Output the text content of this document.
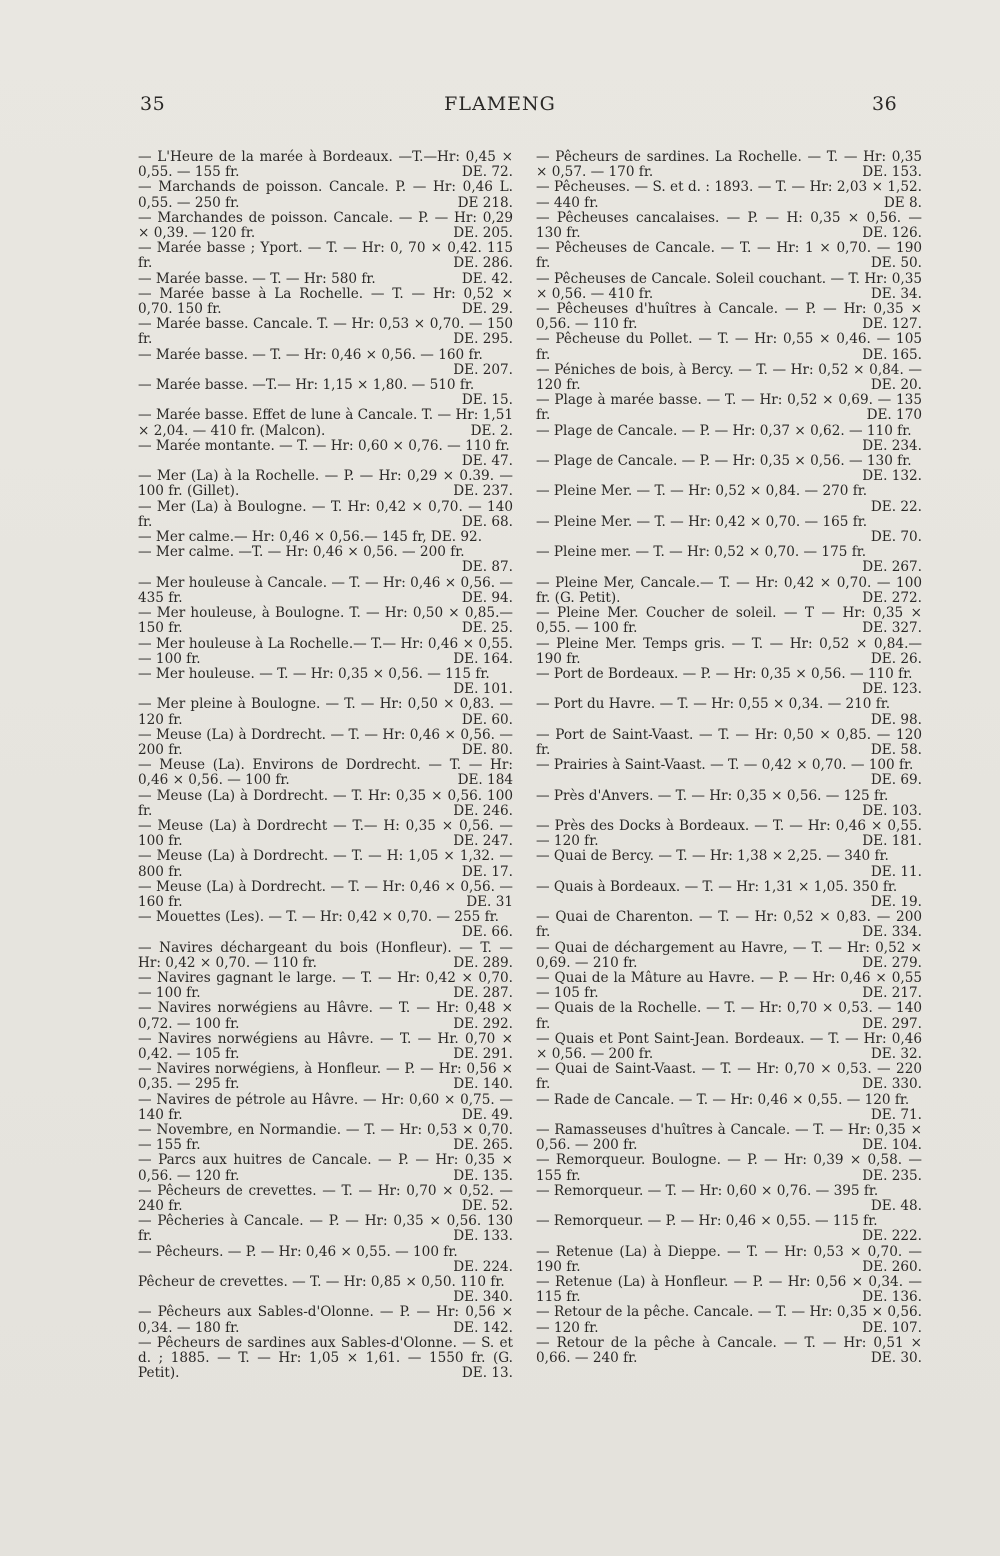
35	FLAMENG	36

— L'Heure de la marée à Bordeaux. —T.—Hr: 0,45 × 0,55. — 155 fr.	DE. 72.

— Marchands de poisson. Cancale. P. — Hr: 0,46 L. 0,55. — 250 fr.	DE 218.

— Marchandes de poisson. Cancale. — P. — Hr: 0,29 × 0,39. — 120 fr.	DE. 205.

— Marée basse ; Yport. — T. — Hr: 0, 70 × 0,42. 115 fr.	DE. 286.

— Marée basse. — T. — Hr: 580 fr.	DE. 42.

— Marée basse à La Rochelle. — T. — Hr: 0,52 × 0,70. 150 fr.	DE. 29.

— Marée basse. Cancale. T. — Hr: 0,53 × 0,70. — 150 fr.	DE. 295.

— Marée basse. — T. — Hr: 0,46 × 0,56. — 160 fr.
DE. 207.

— Marée basse. —T.— Hr: 1,15 × 1,80. — 510 fr.
DE. 15.

— Marée basse. Effet de lune à Cancale. T. — Hr: 1,51 × 2,04. — 410 fr. (Malcon).	DE. 2.

— Marée montante. — T. — Hr: 0,60 × 0,76. — 110 fr.
DE. 47.

— Mer (La) à la Rochelle. — P. — Hr: 0,29 × 0.39. — 100 fr. (Gillet).	DE. 237.

— Mer (La) à Boulogne. — T. Hr: 0,42 × 0,70. — 140 fr.	DE. 68.

— Mer calme.— Hr: 0,46 × 0,56.— 145 fr, DE. 92.

— Mer calme. —T. — Hr: 0,46 × 0,56. — 200 fr.
DE. 87.

— Mer houleuse à Cancale. — T. — Hr: 0,46 × 0,56. — 435 fr.	DE. 94.

— Mer houleuse, à Boulogne. T. — Hr: 0,50 × 0,85.— 150 fr.	DE. 25.

— Mer houleuse à La Rochelle.— T.— Hr: 0,46 × 0,55. — 100 fr.	DE. 164.

— Mer houleuse. — T. — Hr: 0,35 × 0,56. — 115 fr.
DE. 101.

— Mer pleine à Boulogne. — T. — Hr: 0,50 × 0,83. — 120 fr.	DE. 60.

— Meuse (La) à Dordrecht. — T. — Hr: 0,46 × 0,56. — 200 fr.	DE. 80.

— Meuse (La). Environs de Dordrecht. — T. — Hr: 0,46 × 0,56. — 100 fr.	DE. 184

— Meuse (La) à Dordrecht. — T. Hr: 0,35 × 0,56. 100 fr.	DE. 246.

— Meuse (La) à Dordrecht — T.— H: 0,35 × 0,56. — 100 fr.	DE. 247.

— Meuse (La) à Dordrecht. — T. — H: 1,05 × 1,32. — 800 fr.	DE. 17.

— Meuse (La) à Dordrecht. — T. — Hr: 0,46 × 0,56. — 160 fr.	DE. 31

— Mouettes (Les). — T. — Hr: 0,42 × 0,70. — 255 fr.
DE. 66.

— Navires déchargeant du bois (Honfleur). — T. — Hr: 0,42 × 0,70. — 110 fr.	DE. 289.

— Navires gagnant le large. — T. — Hr: 0,42 × 0,70. — 100 fr.	DE. 287.

— Navires norwégiens au Hâvre. — T. — Hr: 0,48 × 0,72. — 100 fr.	DE. 292.

— Navires norwégiens au Hâvre. — T. — Hr. 0,70 × 0,42. — 105 fr.	DE. 291.

— Navires norwégiens, à Honfleur. — P. — Hr: 0,56 × 0,35. — 295 fr.	DE. 140.

— Navires de pétrole au Hâvre. — Hr: 0,60 × 0,75. — 140 fr.	DE. 49.

— Novembre, en Normandie. — T. — Hr: 0,53 × 0,70. — 155 fr.	DE. 265.

— Parcs aux huitres de Cancale. — P. — Hr: 0,35 × 0,56. — 120 fr.	DE. 135.

— Pêcheurs de crevettes. — T. — Hr: 0,70 × 0,52. — 240 fr.	DE. 52.

— Pêcheries à Cancale. — P. — Hr: 0,35 × 0,56. 130 fr.	DE. 133.

— Pêcheurs. — P. — Hr: 0,46 × 0,55. — 100 fr.
DE. 224.

Pêcheur de crevettes. — T. — Hr: 0,85 × 0,50. 110 fr.
DE. 340.

— Pêcheurs aux Sables-d'Olonne. — P. — Hr: 0,56 × 0,34. — 180 fr.	DE. 142.

— Pêcheurs de sardines aux Sables-d'Olonne. — S. et d. ; 1885. — T. — Hr: 1,05 × 1,61. — 1550 fr. (G. Petit).	DE. 13.

— Pêcheurs de sardines. La Rochelle. — T. — Hr: 0,35 × 0,57. — 170 fr.	DE. 153.

— Pêcheuses. — S. et d. : 1893. — T. — Hr: 2,03 × 1,52. — 440 fr.	DE 8.

— Pêcheuses cancalaises. — P. — H: 0,35 × 0,56. — 130 fr.	DE. 126.

— Pêcheuses de Cancale. — T. — Hr: 1 × 0,70. — 190 fr.	DE. 50.

— Pêcheuses de Cancale. Soleil couchant. — T. Hr: 0,35 × 0,56. — 410 fr.	DE. 34.

— Pêcheuses d'huîtres à Cancale. — P. — Hr: 0,35 × 0,56. — 110 fr.	DE. 127.

— Pêcheuse du Pollet. — T. — Hr: 0,55 × 0,46. — 105 fr.	DE. 165.

— Péniches de bois, à Bercy. — T. — Hr: 0,52 × 0,84. — 120 fr.	DE. 20.

— Plage à marée basse. — T. — Hr: 0,52 × 0,69. — 135 fr.	DE. 170

— Plage de Cancale. — P. — Hr: 0,37 × 0,62. — 110 fr.
DE. 234.

— Plage de Cancale. — P. — Hr: 0,35 × 0,56. — 130 fr.
DE. 132.

— Pleine Mer. — T. — Hr: 0,52 × 0,84. — 270 fr.
DE. 22.

— Pleine Mer. — T. — Hr: 0,42 × 0,70. — 165 fr.
DE. 70.

— Pleine mer. — T. — Hr: 0,52 × 0,70. — 175 fr.
DE. 267.

— Pleine Mer, Cancale.— T. — Hr: 0,42 × 0,70. — 100 fr. (G. Petit).	DE. 272.

— Pleine Mer. Coucher de soleil. — T — Hr: 0,35 × 0,55. — 100 fr.	DE. 327.

— Pleine Mer. Temps gris. — T. — Hr: 0,52 × 0,84.— 190 fr.	DE. 26.

— Port de Bordeaux. — P. — Hr: 0,35 × 0,56. — 110 fr.
DE. 123.

— Port du Havre. — T. — Hr: 0,55 × 0,34. — 210 fr.
DE. 98.

— Port de Saint-Vaast. — T. — Hr: 0,50 × 0,85. — 120 fr.	DE. 58.

— Prairies à Saint-Vaast. — T. — 0,42 × 0,70. — 100 fr.
DE. 69.

— Près d'Anvers. — T. — Hr: 0,35 × 0,56. — 125 fr.
DE. 103.

— Près des Docks à Bordeaux. — T. — Hr: 0,46 × 0,55. — 120 fr.	DE. 181.

— Quai de Bercy. — T. — Hr: 1,38 × 2,25. — 340 fr.
DE. 11.

— Quais à Bordeaux. — T. — Hr: 1,31 × 1,05. 350 fr.
DE. 19.

— Quai de Charenton. — T. — Hr: 0,52 × 0,83. — 200 fr.	DE. 334.

— Quai de déchargement au Havre, — T. — Hr: 0,52 × 0,69. — 210 fr.	DE. 279.

— Quai de la Mâture au Havre. — P. — Hr: 0,46 × 0,55 — 105 fr.	DE. 217.

— Quais de la Rochelle. — T. — Hr: 0,70 × 0,53. — 140 fr.	DE. 297.

— Quais et Pont Saint-Jean. Bordeaux. — T. — Hr: 0,46 × 0,56. — 200 fr.	DE. 32.

— Quai de Saint-Vaast. — T. — Hr: 0,70 × 0,53. — 220 fr.	DE. 330.

— Rade de Cancale. — T. — Hr: 0,46 × 0,55. — 120 fr.
DE. 71.

— Ramasseuses d'huîtres à Cancale. — T. — Hr: 0,35 × 0,56. — 200 fr.	DE. 104.

— Remorqueur. Boulogne. — P. — Hr: 0,39 × 0,58. — 155 fr.	DE. 235.

— Remorqueur. — T. — Hr: 0,60 × 0,76. — 395 fr.
DE. 48.

— Remorqueur. — P. — Hr: 0,46 × 0,55. — 115 fr.
DE. 222.

— Retenue (La) à Dieppe. — T. — Hr: 0,53 × 0,70. — 190 fr.	DE. 260.

— Retenue (La) à Honfleur. — P. — Hr: 0,56 × 0,34. — 115 fr.	DE. 136.

— Retour de la pêche. Cancale. — T. — Hr: 0,35 × 0,56. — 120 fr.	DE. 107.

— Retour de la pêche à Cancale. — T. — Hr: 0,51 × 0,66. — 240 fr.	DE. 30.
